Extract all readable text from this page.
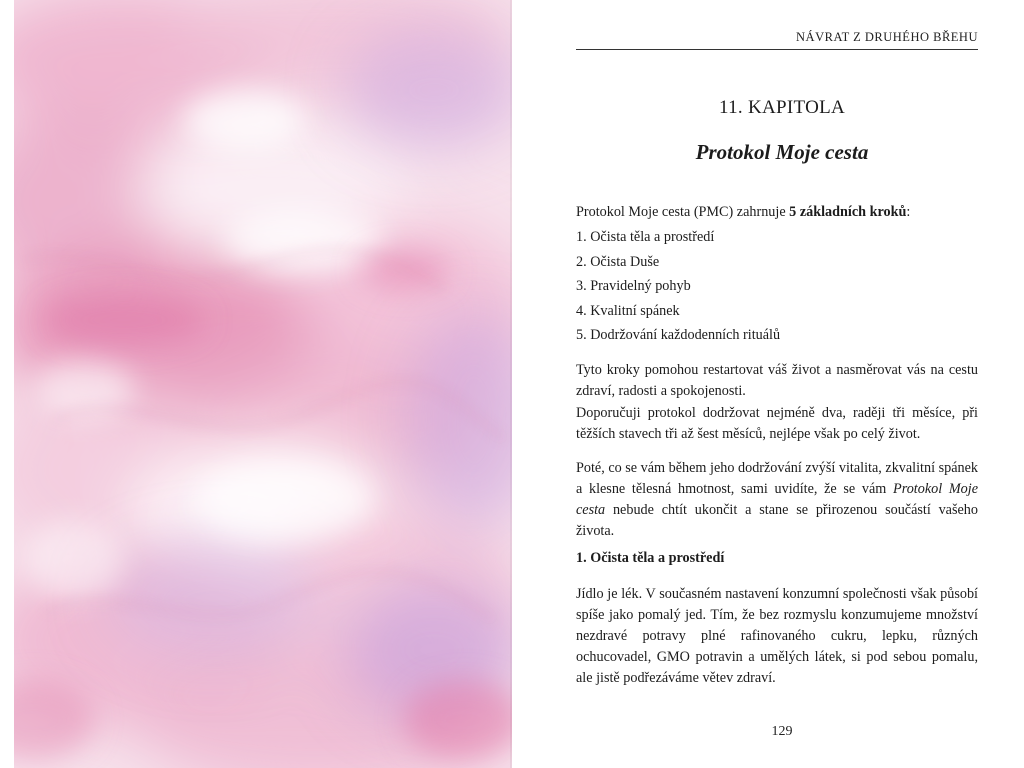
NÁVRAT Z DRUHÉHO BŘEHU
11. KAPITOLA
Protokol Moje cesta
Protokol Moje cesta (PMC) zahrnuje 5 základních kroků:
1. Očista těla a prostředí
2. Očista Duše
3. Pravidelný pohyb
4. Kvalitní spánek
5. Dodržování každodenních rituálů
Tyto kroky pomohou restartovat váš život a nasměrovat vás na cestu zdraví, radosti a spokojenosti.
Doporučuji protokol dodržovat nejméně dva, raději tři měsíce, při těžších stavech tři až šest měsíců, nejlépe však po celý život.
Poté, co se vám během jeho dodržování zvýší vitalita, zkvalitní spánek a klesne tělesná hmotnost, sami uvidíte, že se vám Protokol Moje cesta nebude chtít ukončit a stane se přirozenou součástí vašeho života.
1. Očista těla a prostředí
Jídlo je lék. V současném nastavení konzumní společnosti však působí spíše jako pomalý jed. Tím, že bez rozmyslu konzumujeme množství nezdravé potravy plné rafinovaného cukru, lepku, různých ochucovadel, GMO potravin a umělých látek, si pod sebou pomalu, ale jistě podřezáváme větev zdraví.
129
